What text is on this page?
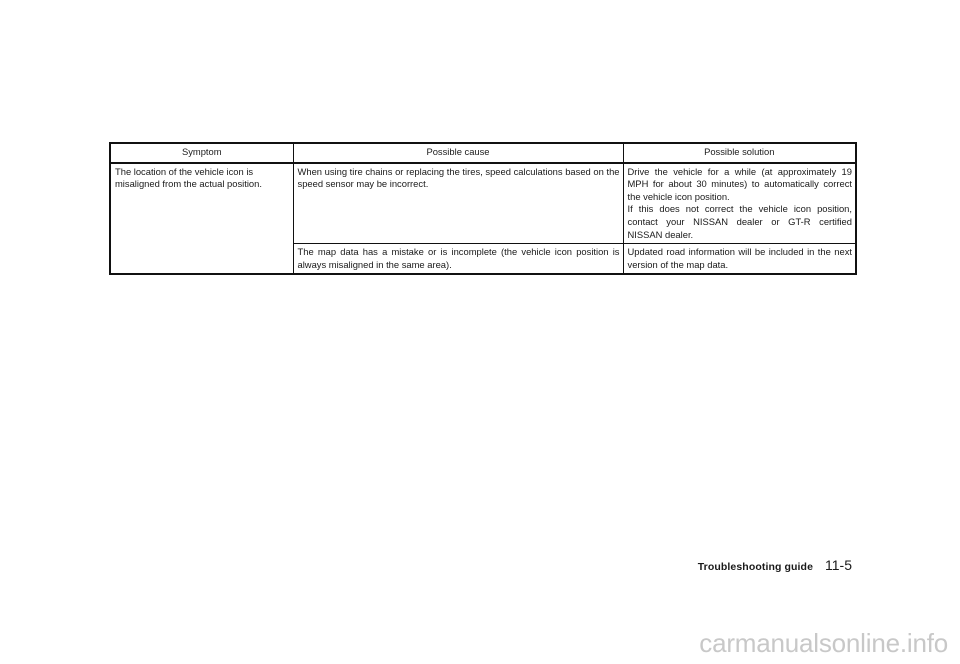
Symptom	Possible cause	Possible solution
The location of the vehicle icon is misaligned from the actual position.	When using tire chains or replacing the tires, speed calculations based on the speed sensor may be incorrect.	Drive the vehicle for a while (at approximately 19 MPH for about 30 minutes) to automatically correct the vehicle icon position.
If this does not correct the vehicle icon position, contact your NISSAN dealer or GT-R certified NISSAN dealer.

	The map data has a mistake or is incomplete (the vehicle icon position is always misaligned in the same area).	Updated road information will be included in the next version of the map data.
Troubleshooting guide 11-5
carmanualsonline.info
